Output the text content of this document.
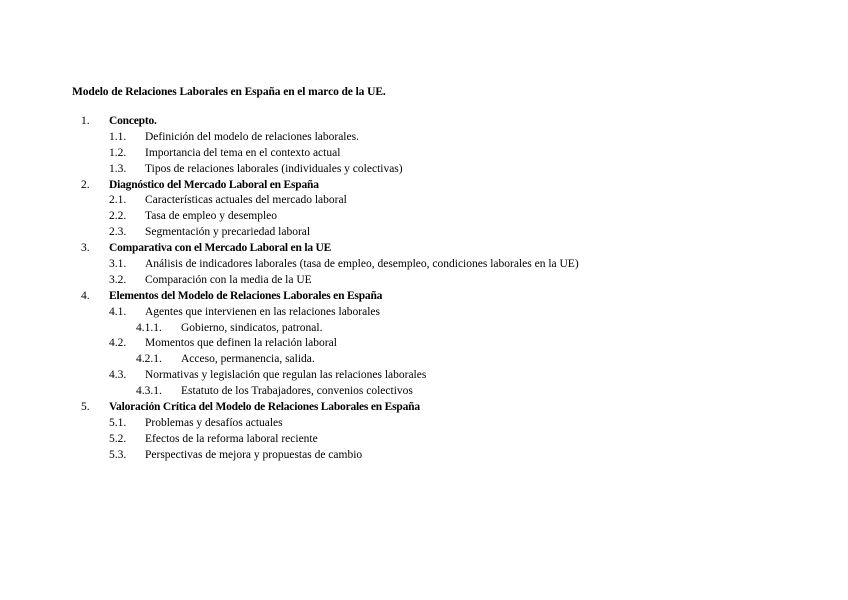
Modelo de Relaciones Laborales en España en el marco de la UE.
1. Concepto.
1.1. Definición del modelo de relaciones laborales.
1.2. Importancia del tema en el contexto actual
1.3. Tipos de relaciones laborales (individuales y colectivas)
2. Diagnóstico del Mercado Laboral en España
2.1. Características actuales del mercado laboral
2.2. Tasa de empleo y desempleo
2.3. Segmentación y precariedad laboral
3. Comparativa con el Mercado Laboral en la UE
3.1. Análisis de indicadores laborales (tasa de empleo, desempleo, condiciones laborales en la UE)
3.2. Comparación con la media de la UE
4. Elementos del Modelo de Relaciones Laborales en España
4.1. Agentes que intervienen en las relaciones laborales
4.1.1. Gobierno, sindicatos, patronal.
4.2. Momentos que definen la relación laboral
4.2.1. Acceso, permanencia, salida.
4.3. Normativas y legislación que regulan las relaciones laborales
4.3.1. Estatuto de los Trabajadores, convenios colectivos
5. Valoración Crítica del Modelo de Relaciones Laborales en España
5.1. Problemas y desafíos actuales
5.2. Efectos de la reforma laboral reciente
5.3. Perspectivas de mejora y propuestas de cambio
